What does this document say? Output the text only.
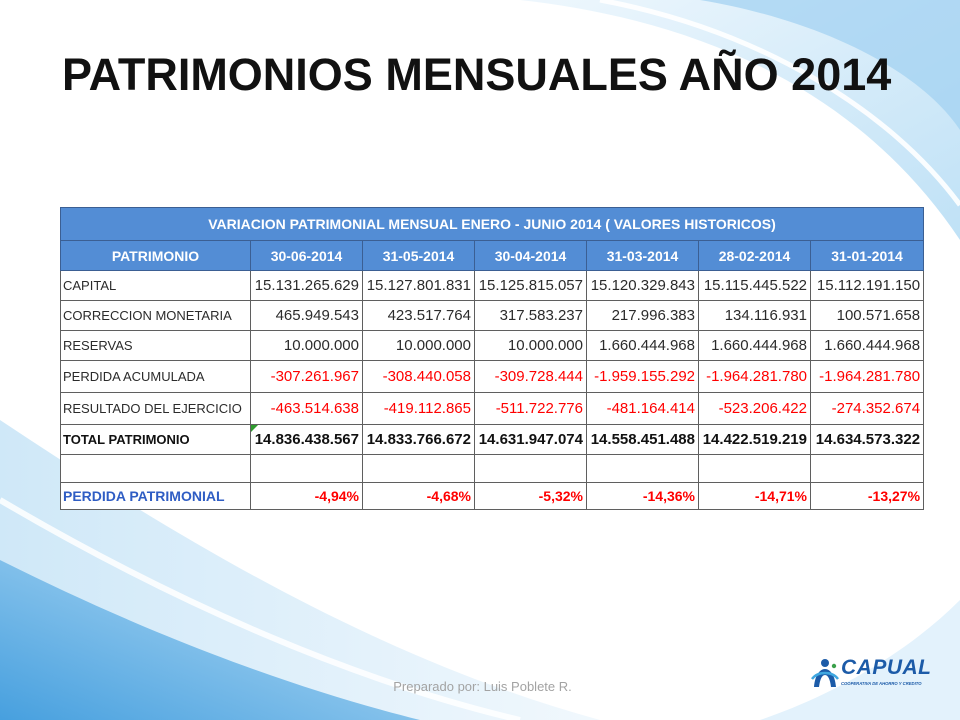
PATRIMONIOS MENSUALES AÑO 2014
VARIACION PATRIMONIAL MENSUAL ENERO - JUNIO 2014 ( VALORES HISTORICOS)						
PATRIMONIO	30-06-2014	31-05-2014	30-04-2014	31-03-2014	28-02-2014	31-01-2014
CAPITAL	15.131.265.629	15.127.801.831	15.125.815.057	15.120.329.843	15.115.445.522	15.112.191.150
CORRECCION MONETARIA	465.949.543	423.517.764	317.583.237	217.996.383	134.116.931	100.571.658
RESERVAS	10.000.000	10.000.000	10.000.000	1.660.444.968	1.660.444.968	1.660.444.968
PERDIDA ACUMULADA	-307.261.967	-308.440.058	-309.728.444	-1.959.155.292	-1.964.281.780	-1.964.281.780
RESULTADO DEL EJERCICIO	-463.514.638	-419.112.865	-511.722.776	-481.164.414	-523.206.422	-274.352.674
TOTAL PATRIMONIO	14.836.438.567	14.833.766.672	14.631.947.074	14.558.451.488	14.422.519.219	14.634.573.322

PERDIDA PATRIMONIAL	-4,94%	-4,68%	-5,32%	-14,36%	-14,71%	-13,27%
Preparado por: Luis Poblete R.
CAPUAL
COOPERATIVA DE AHORRO Y CREDITO
